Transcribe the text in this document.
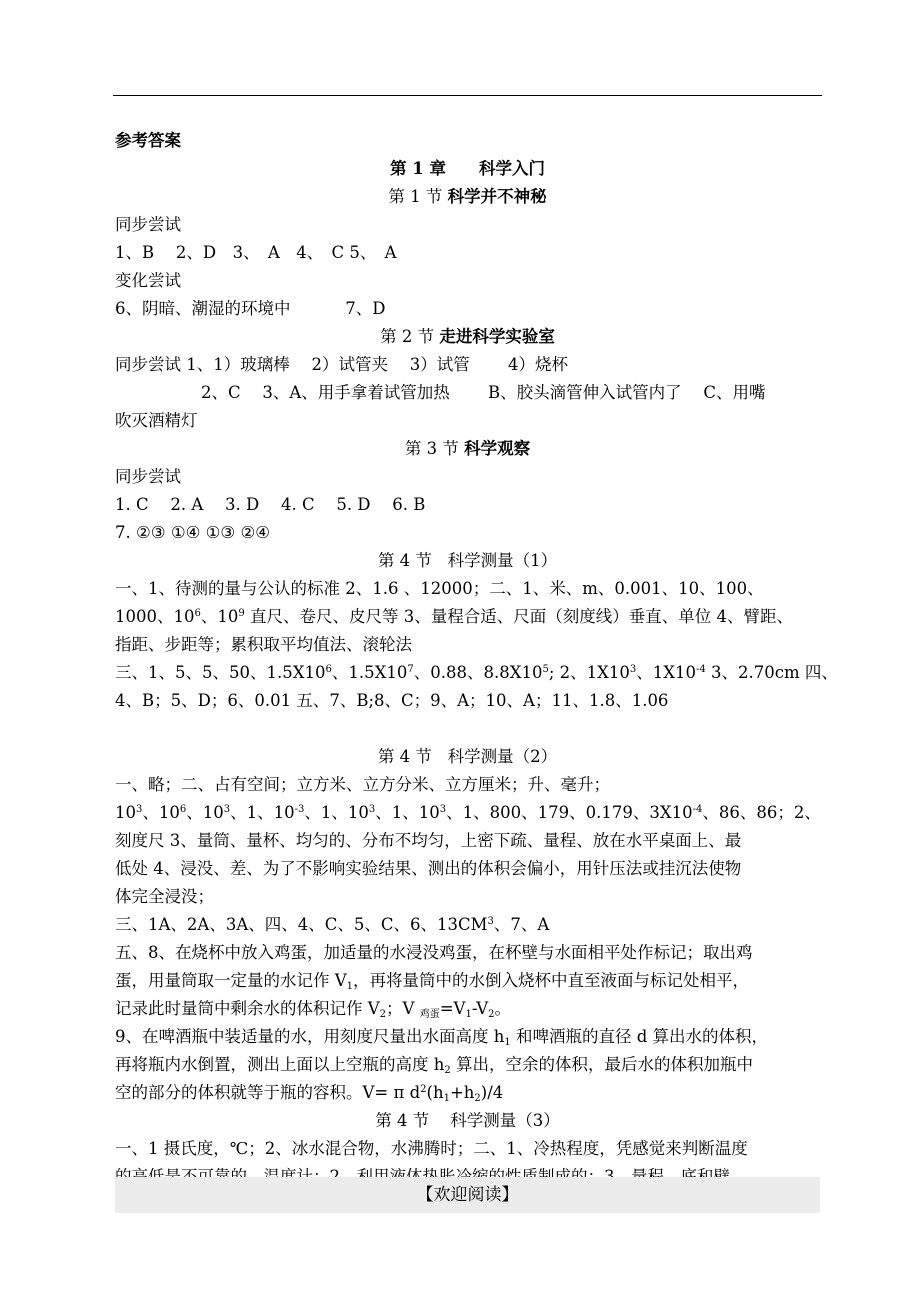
参考答案
第 1 章　　科学入门
第 1 节 科学并不神秘
同步尝试
1、B　 2、D　3、　A　4、　C 5、　A
变化尝试
6、阴暗、潮湿的环境中　　　 7、D
第 2 节 走进科学实验室
同步尝试 1、1）玻璃棒　 2）试管夹　 3）试管　　 4）烧杯
2、C　 3、A、用手拿着试管加热　　 B、胶头滴管伸入试管内了　 C、用嘴
吹灭酒精灯
第 3 节 科学观察
同步尝试
1. C　 2. A　 3. D　 4. C　 5. D　 6. B
7. ②③ ①④ ①③ ②④
第 4 节 科学测量（1）
一、1、待测的量与公认的标准 2、1.6 、12000；二、1、米、m、0.001、10、100、
1000、$10^6$、$10^9$ 直尺、卷尺、皮尺等 3、量程合适、尺面（刻度线）垂直、单位 4、臂距、
指距、步距等；累积取平均值法、滚轮法
三、1、5、5、50、$1.5X10^6$、$1.5X10^7$、0.88、$8.8X10^5$; 2、$1X10^3$、$1X10^{-4}$ 3、2.70cm 四、
4、B；5、D；6、0.01 五、7、B;8、C；9、A；10、A；11、1.8、1.06
第 4 节 科学测量（2）
一、略；二、占有空间；立方米、立方分米、立方厘米；升、毫升；
$10^3$、$10^6$、$10^3$、1、$10^{-3}$、1、$10^3$、1、$10^3$、1、800、179、0.179、$3X10^{-4}$、86、86；2、
刻度尺 3、量筒、量杯、均匀的、分布不均匀，上密下疏、量程、放在水平桌面上、最
低处 4、浸没、差、为了不影响实验结果、测出的体积会偏小，用针压法或挂沉法使物
体完全浸没；
三、1A、2A、3A、四、4、C、5、C、6、$13CM^3$、7、A
五、8、在烧杯中放入鸡蛋，加适量的水浸没鸡蛋，在杯壁与水面相平处作标记；取出鸡
蛋，用量筒取一定量的水记作 $V_1$，再将量筒中的水倒入烧杯中直至液面与标记处相平，
记录此时量筒中剩余水的体积记作 $V_2$；V $_{鸡蛋}=V_1-V_2$。
9、在啤酒瓶中装适量的水，用刻度尺量出水面高度 $h_1$ 和啤酒瓶的直径 d 算出水的体积，
再将瓶内水倒置，测出上面以上空瓶的高度 $h_2$ 算出，空余的体积，最后水的体积加瓶中
空的部分的体积就等于瓶的容积。V= π $d^2(h_1+h_2)/4$
第 4 节 科学测量（3）
一、1 摄氏度，℃；2、冰水混合物，水沸腾时；二、1、冷热程度，凭感觉来判断温度
【欢迎阅读】
